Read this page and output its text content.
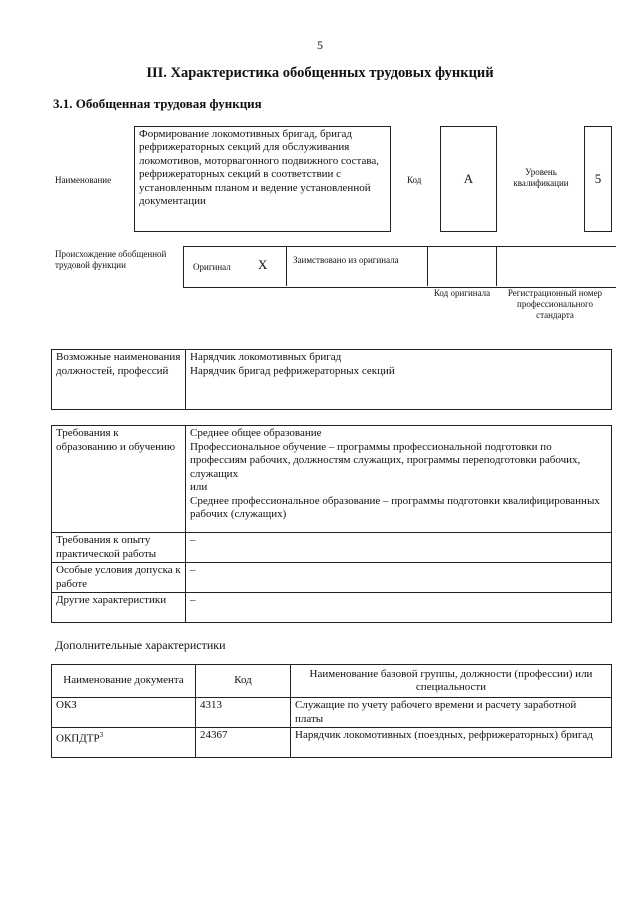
5
III. Характеристика обобщенных трудовых функций
3.1. Обобщенная трудовая функция
Наименование
Формирование локомотивных бригад, бригад рефрижераторных секций для обслуживания локомотивов, моторвагонного подвижного состава, рефрижераторных секций в соответствии с установленным планом и ведение установленной документации
Код	A	Уровень квалификации	5
Происхождение обобщенной трудовой функции	Оригинал X	Заимствовано из оригинала
Код оригинала	Регистрационный номер профессионального стандарта
Возможные наименования должностей, профессий	
Нарядчик локомотивных бригад
Нарядчик бригад рефрижераторных секций
Требования к образованию и обучению	Среднее общее образование
Профессиональное обучение – программы профессиональной подготовки по профессиям рабочих, должностям служащих, программы переподготовки рабочих, служащих
или
Среднее профессиональное образование – программы подготовки квалифицированных рабочих (служащих)

Требования к опыту практической работы	–
Особые условия допуска к работе	–
Другие характеристики	–
Дополнительные характеристики
Наименование документа	Код	Наименование базовой группы, должности (профессии) или специальности
ОКЗ	4313	Служащие по учету рабочего времени и расчету заработной платы
ОКПДТР$^3$	24367	Нарядчик локомотивных (поездных, рефрижераторных) бригад
